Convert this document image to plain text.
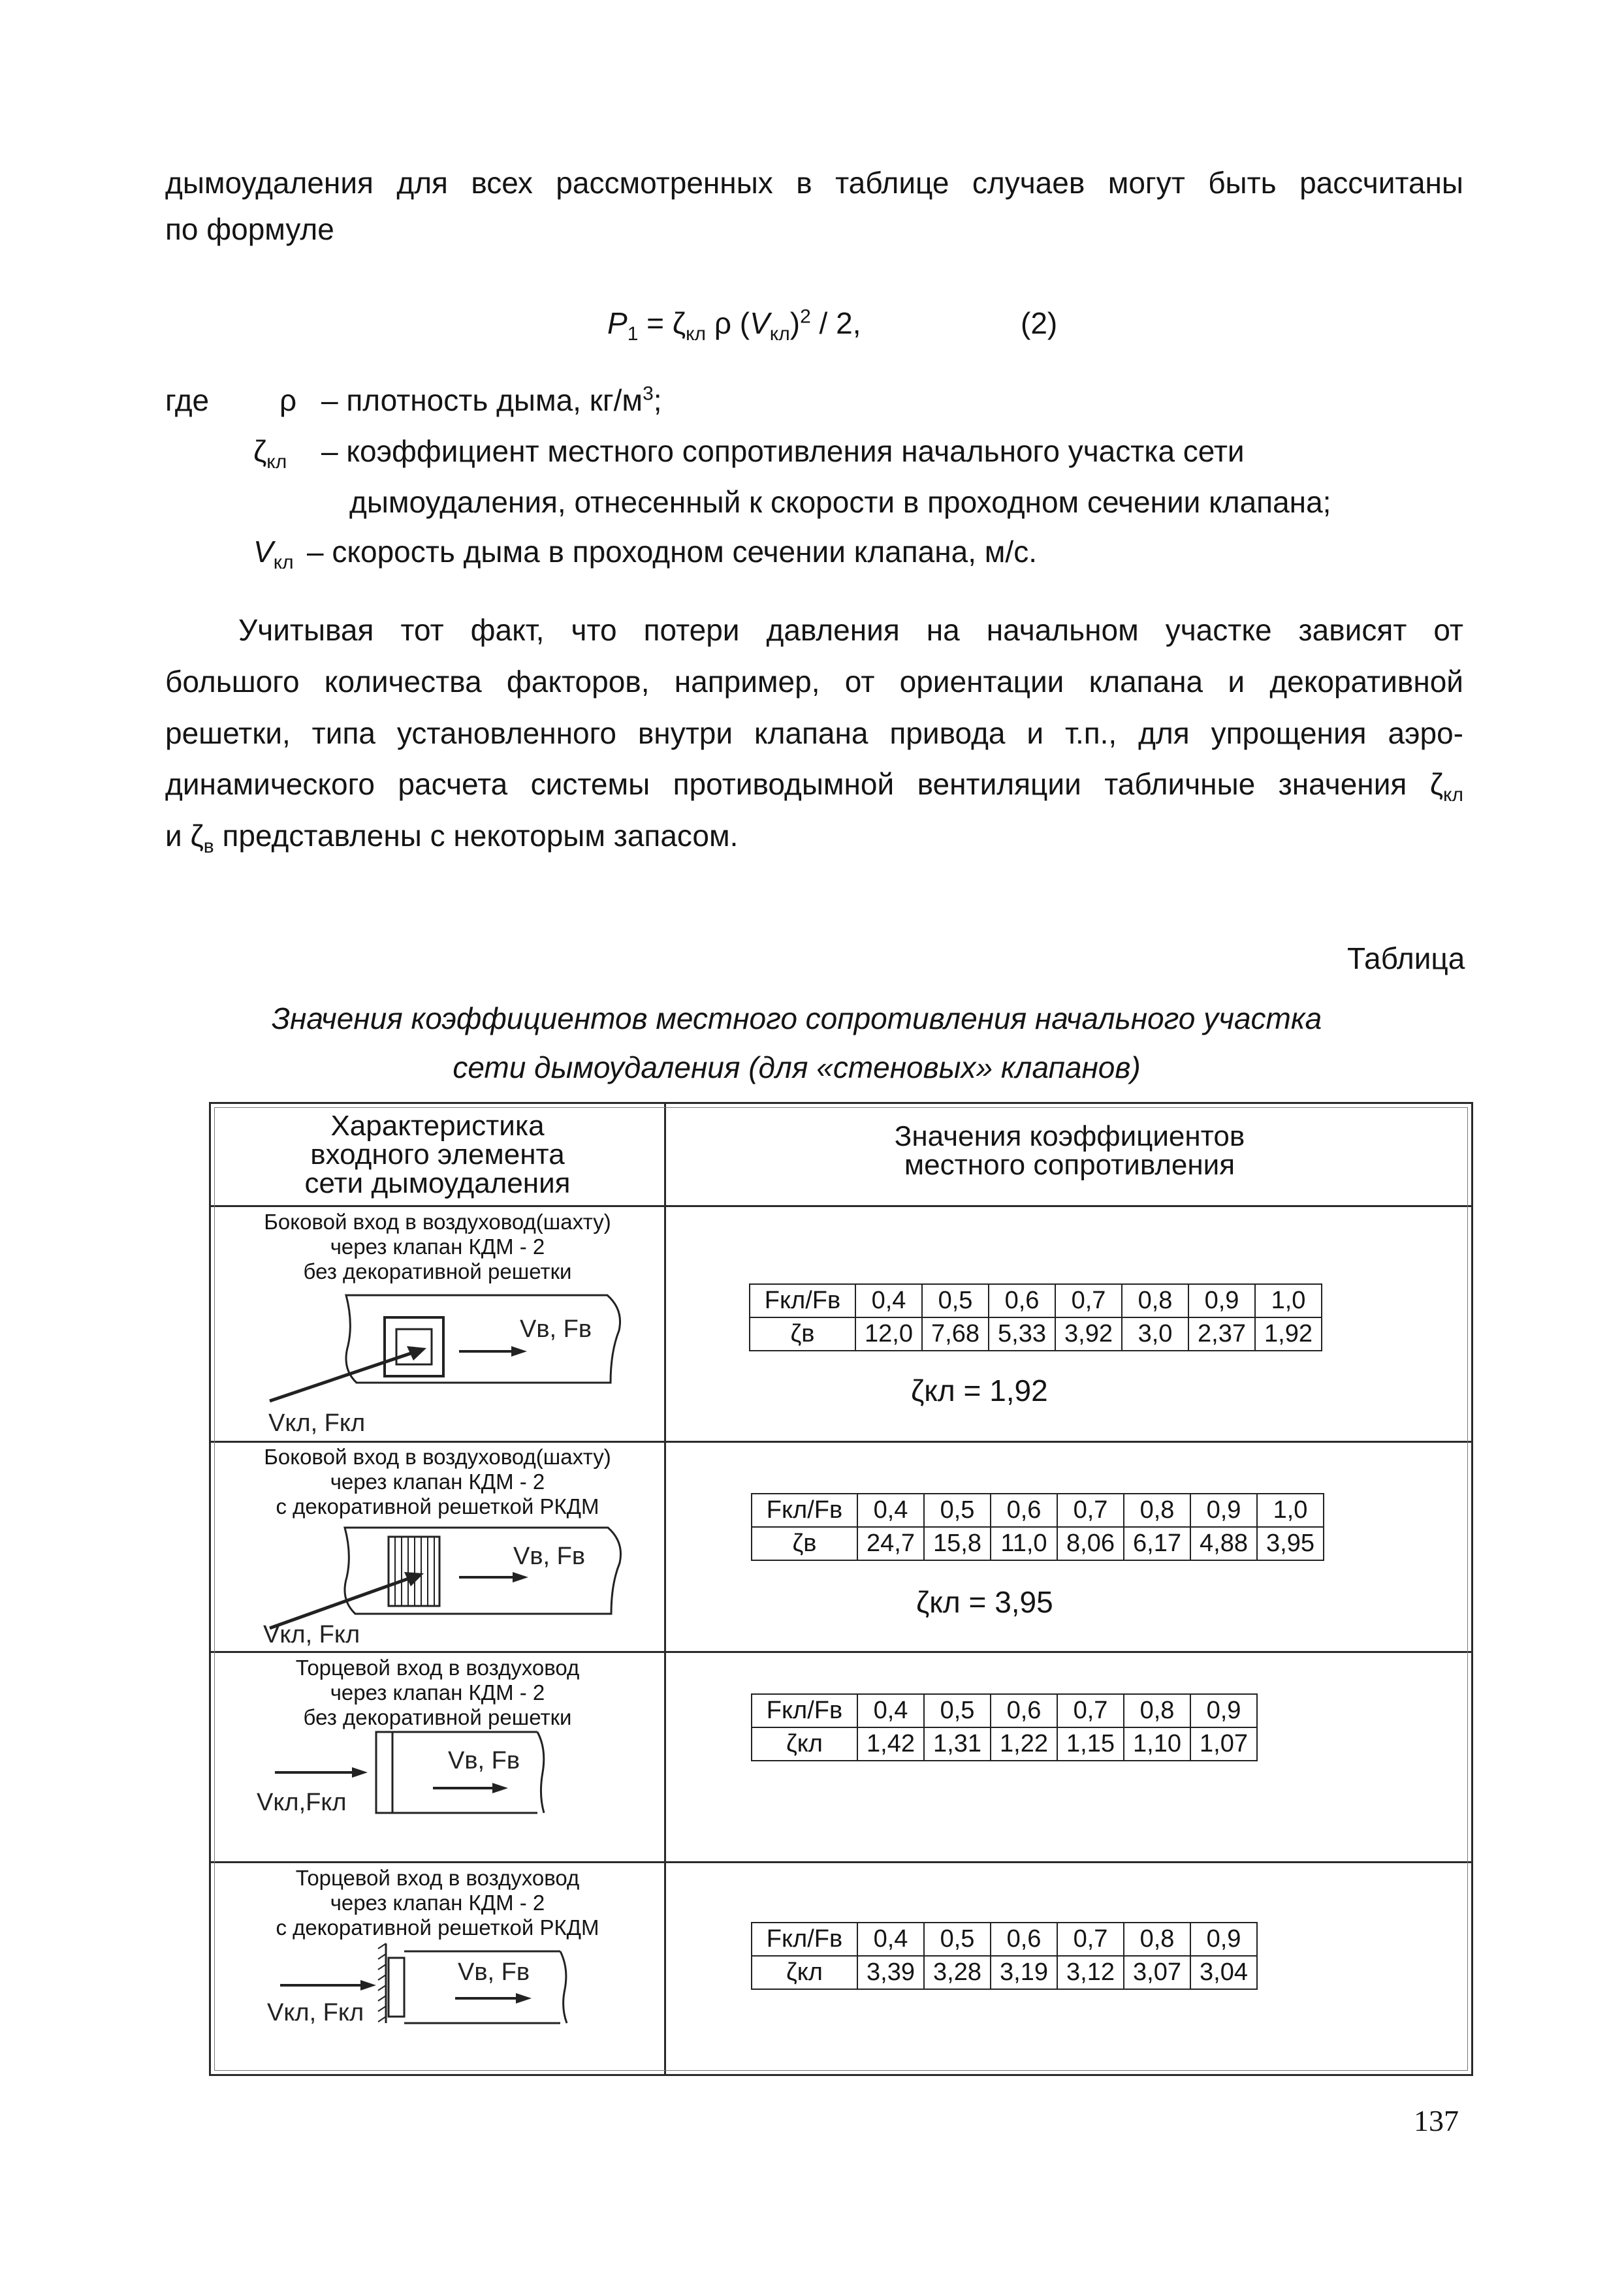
дымоудаления для всех рассмотренных в таблице случаев могут быть рассчитаны
по формуле
$P_1 = \zeta_{кл}$ ρ $(V_{кл})^2 / 2$,	(2)
где ρ – плотность дыма, $кг/м^3$;
$\zeta_{кл}$ – коэффициент местного сопротивления начального участка сети
дымоудаления, отнесенный к скорости в проходном сечении клапана;
$V_{кл}$ – скорость дыма в проходном сечении клапана, м/с.
Учитывая тот факт, что потери давления на начальном участке зависят от
большого количества факторов, например, от ориентации клапана и декоративной
решетки, типа установленного внутри клапана привода и т.п., для упрощения аэро-
динамического расчета системы противодымной вентиляции табличные значения $\zeta_{кл}$
и $\zeta_в$ представлены с некоторым запасом.
Таблица
Значения коэффициентов местного сопротивления начального участка
сети дымоудаления (для «стеновых» клапанов)
Характеристика
входного элемента
сети дымоудаления
Значения коэффициентов
местного сопротивления
Боковой вход в воздуховод(шахту)
через клапан КДМ - 2
без декоративной решетки
Vв, Fв
Vкл, Fкл
Fкл/Fв	0,4	0,5	0,6	0,7	0,8	0,9	1,0
ζв	12,0	7,68	5,33	3,92	3,0	2,37	1,92
ζкл = 1,92
Боковой вход в воздуховод(шахту)
через клапан КДМ - 2
с декоративной решеткой РКДМ
Vв, Fв
Vкл, Fкл
Fкл/Fв	0,4	0,5	0,6	0,7	0,8	0,9	1,0
ζв	24,7	15,8	11,0	8,06	6,17	4,88	3,95
ζкл = 3,95
Торцевой вход в воздуховод
через клапан КДМ - 2
без декоративной решетки
Vв, Fв
Vкл,Fкл
Fкл/Fв	0,4	0,5	0,6	0,7	0,8	0,9
ζкл	1,42	1,31	1,22	1,15	1,10	1,07
Торцевой вход в воздуховод
через клапан КДМ - 2
с декоративной решеткой РКДМ
Vв, Fв
Vкл, Fкл
Fкл/Fв	0,4	0,5	0,6	0,7	0,8	0,9
ζкл	3,39	3,28	3,19	3,12	3,07	3,04
137
